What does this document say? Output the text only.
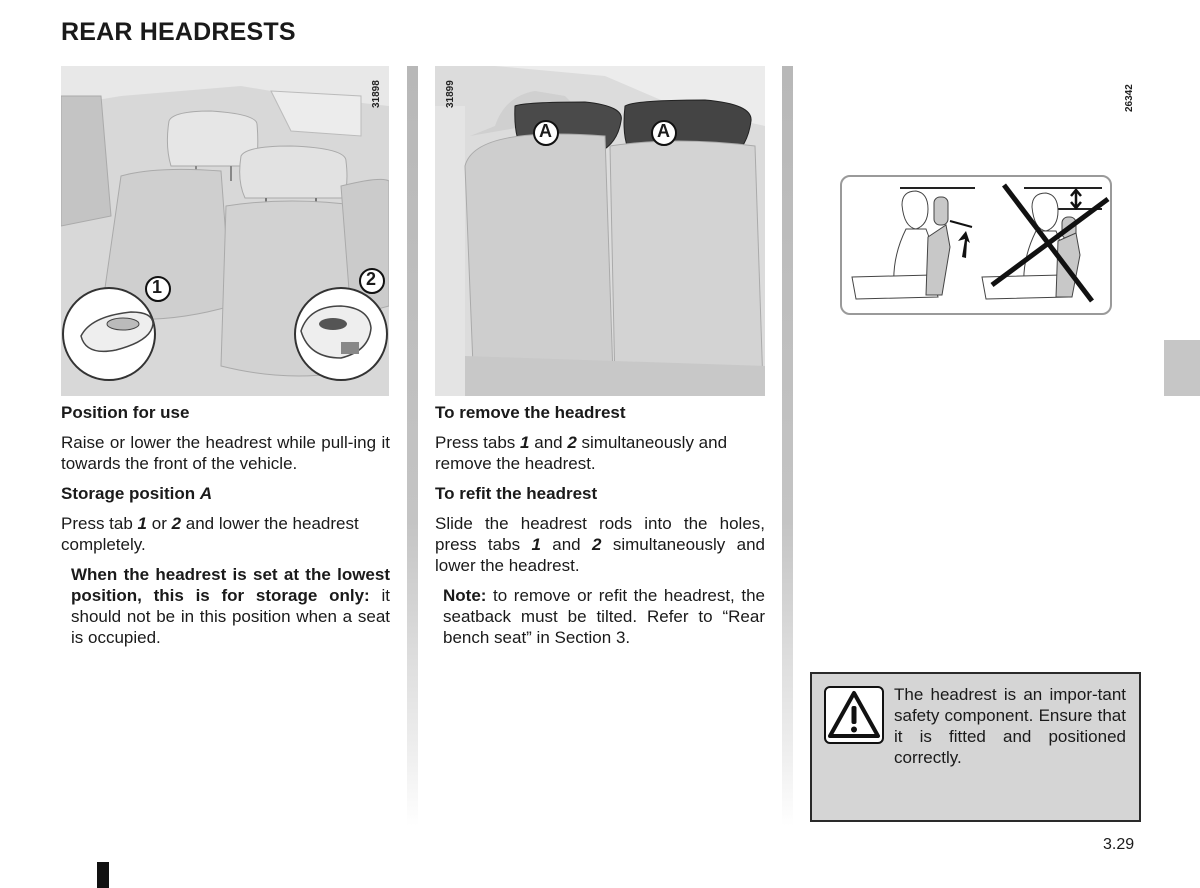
REAR HEADRESTS
1	2
31898
A	A
31899	26342
Position for use
Raise or lower the headrest while pull-ing it towards the front of the vehicle.
Storage position A
Press tab 1 or 2 and lower the headrest completely.
When the headrest is set at the lowest position, this is for storage only: it should not be in this position when a seat is occupied.
To remove the headrest
Press tabs 1 and 2 simultaneously and remove the headrest.
To refit the headrest
Slide the headrest rods into the holes, press tabs 1 and 2 simultaneously and lower the headrest.
Note: to remove or refit the headrest, the seatback must be tilted. Refer to “Rear bench seat” in Section 3.
The headrest is an impor-tant safety component. Ensure that it is fitted and positioned correctly.
3.29
